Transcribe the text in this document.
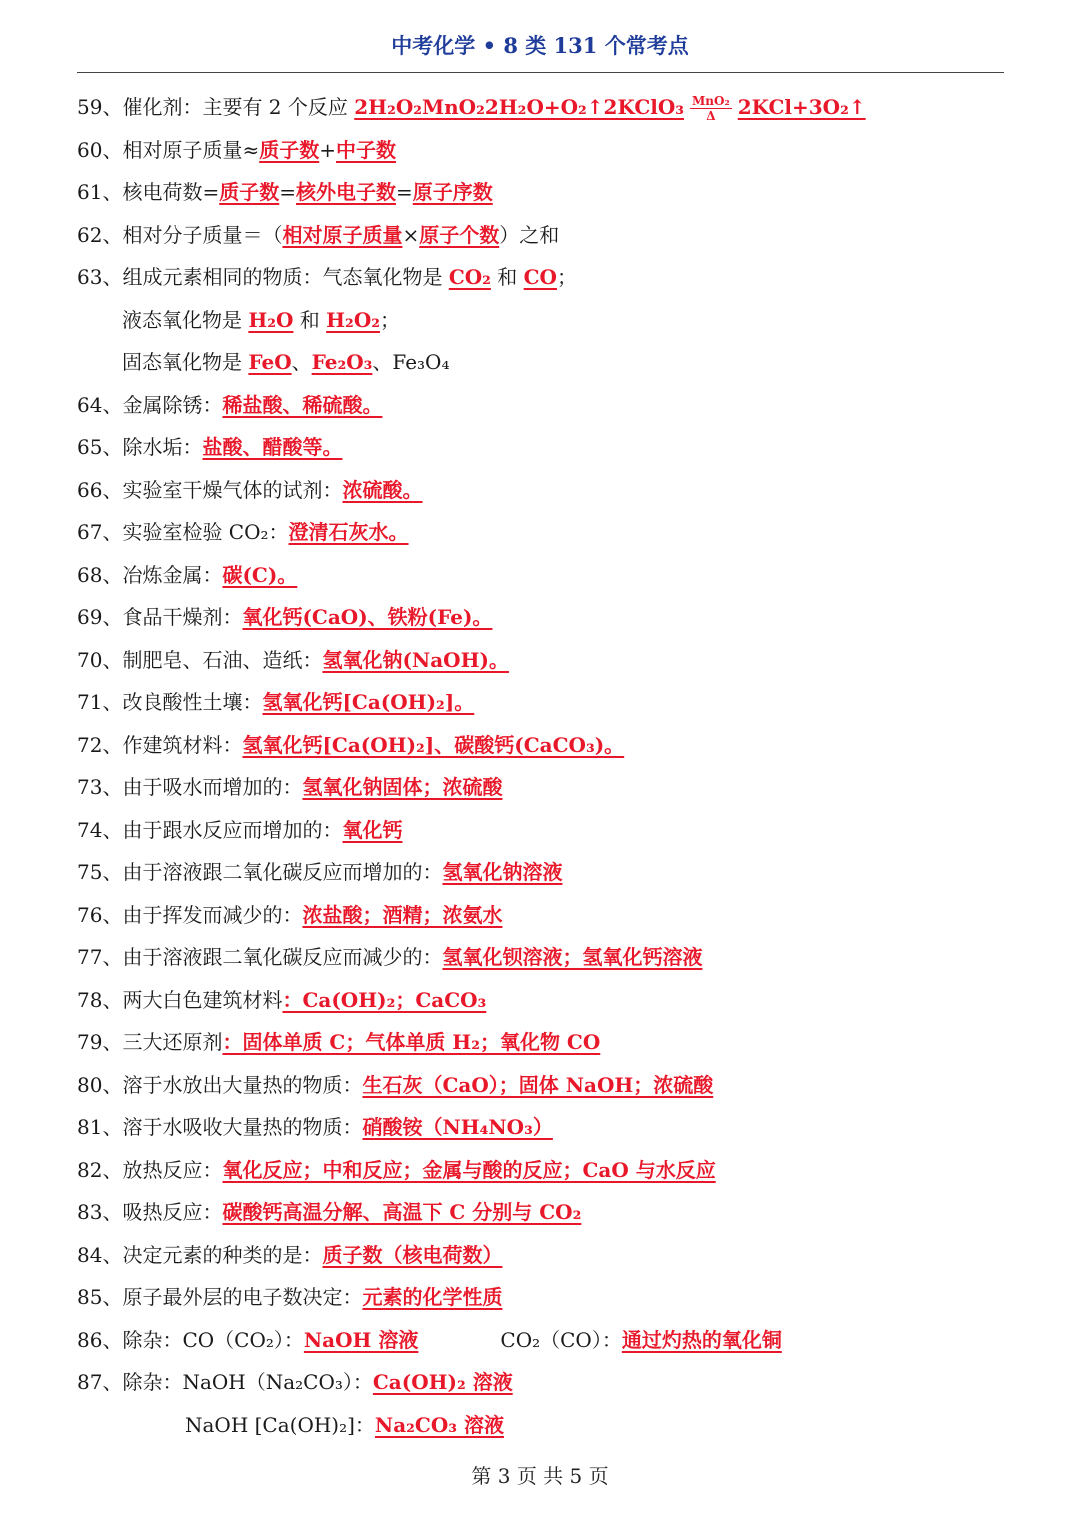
中考化学 • 8 类 131 个常考点
59、催化剂：主要有 2 个反应 2H₂O₂MnO₂2H₂O+O₂↑2KClO₃ MnO₂
Δ	2KCl+3O₂↑
60、相对原子质量≈质子数+中子数
61、核电荷数=质子数=核外电子数=原子序数
62、相对分子质量＝（相对原子质量×原子个数）之和
63、组成元素相同的物质：气态氧化物是 CO₂ 和 CO；
液态氧化物是 H₂O 和 H₂O₂；
固态氧化物是 FeO、Fe₂O₃、Fe₃O₄
64、金属除锈：稀盐酸、稀硫酸。
65、除水垢：盐酸、醋酸等。
66、实验室干燥气体的试剂：浓硫酸。
67、实验室检验 CO₂：澄清石灰水。
68、冶炼金属：碳(C)。
69、食品干燥剂：氧化钙(CaO)、铁粉(Fe)。
70、制肥皂、石油、造纸：氢氧化钠(NaOH)。
71、改良酸性土壤：氢氧化钙[Ca(OH)₂]。
72、作建筑材料：氢氧化钙[Ca(OH)₂]、碳酸钙(CaCO₃)。
73、由于吸水而增加的：氢氧化钠固体；浓硫酸
74、由于跟水反应而增加的：氧化钙
75、由于溶液跟二氧化碳反应而增加的：氢氧化钠溶液
76、由于挥发而减少的：浓盐酸；酒精；浓氨水
77、由于溶液跟二氧化碳反应而减少的：氢氧化钡溶液；氢氧化钙溶液
78、两大白色建筑材料：Ca(OH)₂；CaCO₃
79、三大还原剂：固体单质 C；气体单质 H₂；氧化物 CO
80、溶于水放出大量热的物质：生石灰（CaO）；固体 NaOH；浓硫酸
81、溶于水吸收大量热的物质：硝酸铵（NH₄NO₃）
82、放热反应：氧化反应；中和反应；金属与酸的反应；CaO 与水反应
83、吸热反应：碳酸钙高温分解、高温下 C 分别与 CO₂
84、决定元素的种类的是：质子数（核电荷数）
85、原子最外层的电子数决定：元素的化学性质
86、除杂：CO（CO₂）：NaOH 溶液	CO₂（CO）：通过灼热的氧化铜
87、除杂：NaOH（Na₂CO₃）：Ca(OH)₂ 溶液
NaOH [Ca(OH)₂]：Na₂CO₃ 溶液
第 3 页 共 5 页
